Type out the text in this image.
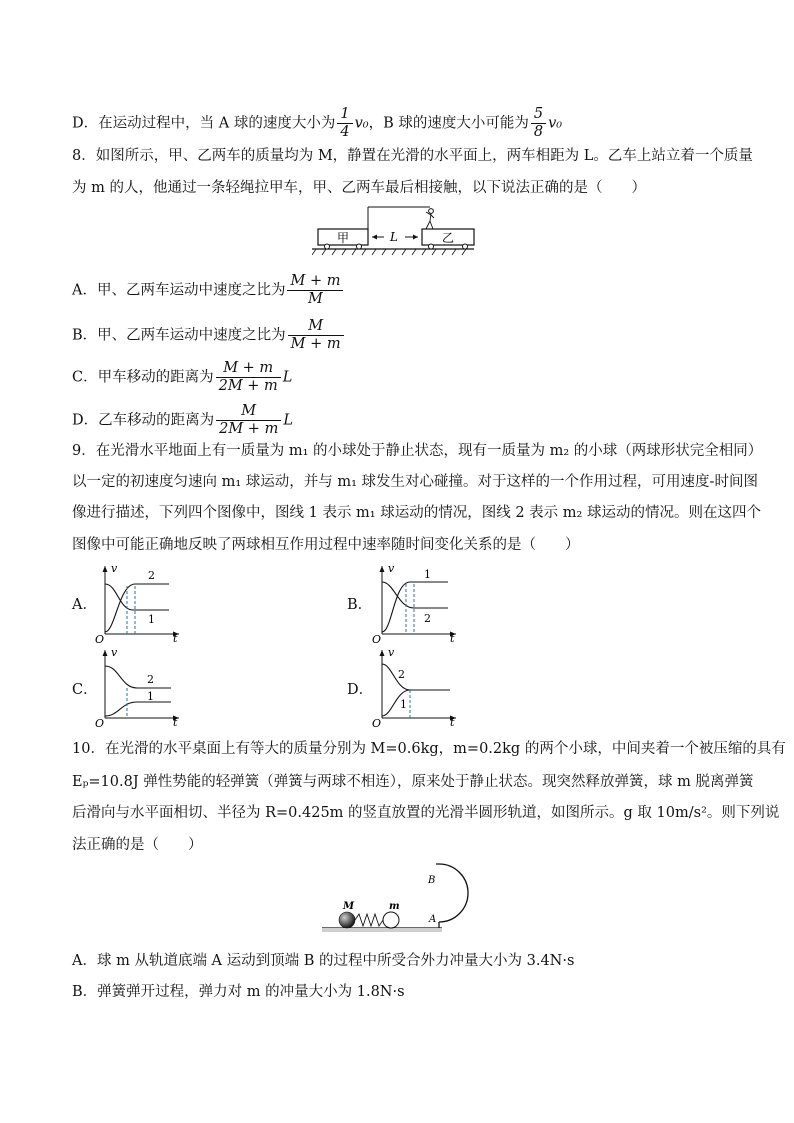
D．在运动过程中，当 A 球的速度大小为 $\frac{1}{4} v_0$，B 球的速度大小可能为 $\frac{5}{8} v_0$
8．如图所示，甲、乙两车的质量均为 M，静置在光滑的水平面上，两车相距为 L。乙车上站立着一个质量
为 m 的人，他通过一条轻绳拉甲车，甲、乙两车最后相接触，以下说法正确的是（　　）
甲	乙
L
A．甲、乙两车运动中速度之比为 $\frac{M + m}{M}$
B．甲、乙两车运动中速度之比为 $\frac{M}{M + m}$
C．甲车移动的距离为 $\frac{M + m}{2M + m}$ L
D．乙车移动的距离为 $\frac{M}{2M + m}$ L
9．在光滑水平地面上有一质量为 m₁ 的小球处于静止状态，现有一质量为 m₂ 的小球（两球形状完全相同）
以一定的初速度匀速向 m₁ 球运动，并与 m₁ 球发生对心碰撞。对于这样的一个作用过程，可用速度-时间图
像进行描述，下列四个图像中，图线 1 表示 m₁ 球运动的情况，图线 2 表示 m₂ 球运动的情况。则在这四个
图像中可能正确地反映了两球相互作用过程中速率随时间变化关系的是（　　）
A．
v
t
O
2
1
B．
v
t
O
1
2
C．
v
t
O
2
1	D．
v
t
O
2
1
10．在光滑的水平桌面上有等大的质量分别为 M=0.6kg，m=0.2kg 的两个小球，中间夹着一个被压缩的具有
Eₚ=10.8J 弹性势能的轻弹簧（弹簧与两球不相连），原来处于静止状态。现突然释放弹簧，球 m 脱离弹簧
后滑向与水平面相切、半径为 R=0.425m 的竖直放置的光滑半圆形轨道，如图所示。g 取 10m/s²。则下列说
法正确的是（　　）
M	m
A
B
A．球 m 从轨道底端 A 运动到顶端 B 的过程中所受合外力冲量大小为 3.4N·s
B．弹簧弹开过程，弹力对 m 的冲量大小为 1.8N·s
